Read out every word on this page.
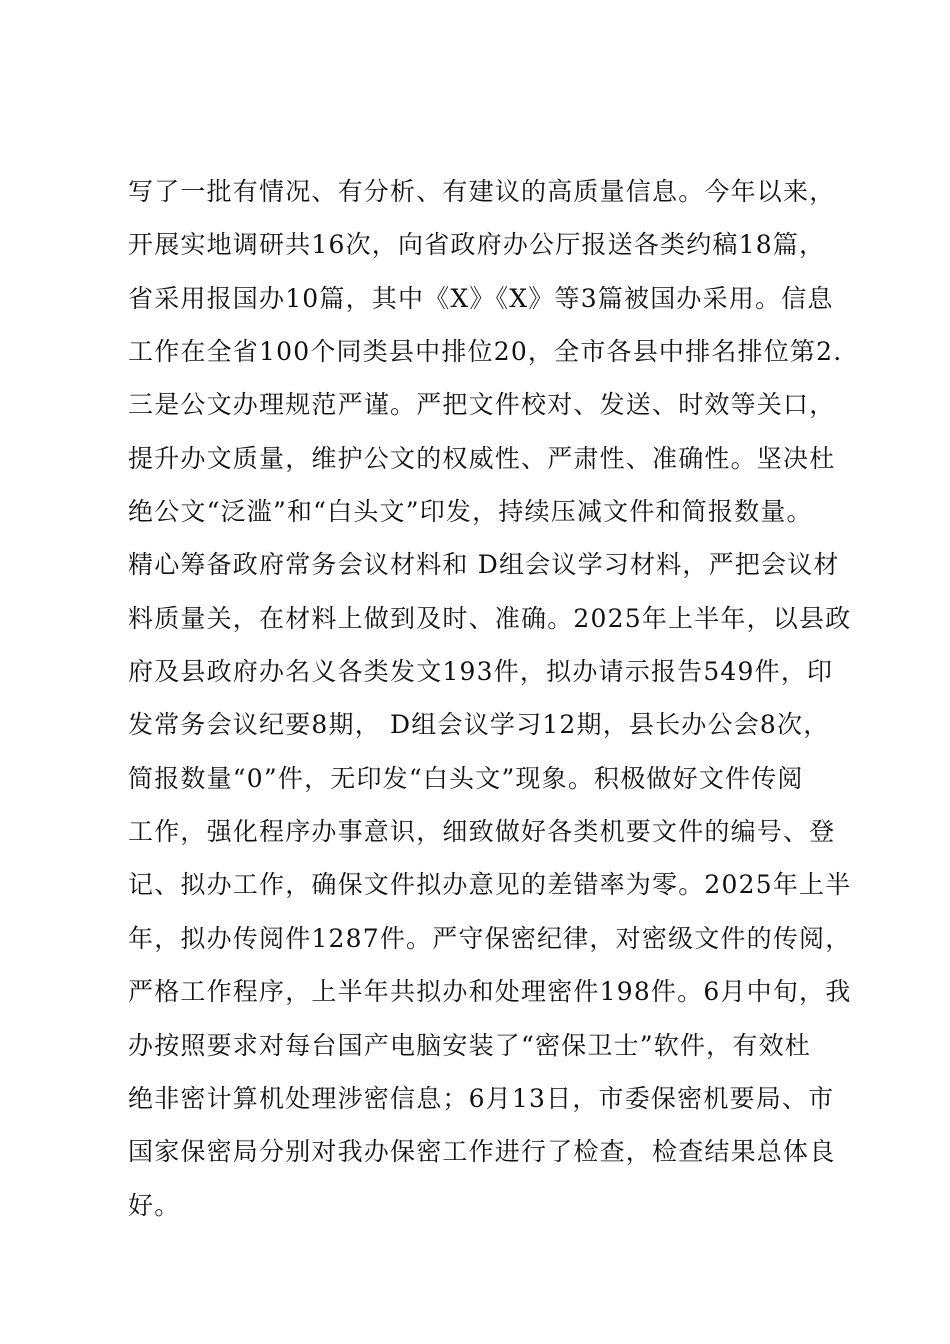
写了一批有情况、有分析、有建议的高质量信息。今年以来，
开展实地调研共16次，向省政府办公厅报送各类约稿18篇，
省采用报国办10篇，其中《X》《X》等3篇被国办采用。信息
工作在全省100个同类县中排位20，全市各县中排名排位第2.
三是公文办理规范严谨。严把文件校对、发送、时效等关口，
提升办文质量，维护公文的权威性、严肃性、准确性。坚决杜
绝公文“泛滥”和“白头文”印发，持续压减文件和简报数量。
精心筹备政府常务会议材料和 D组会议学习材料，严把会议材
料质量关，在材料上做到及时、准确。2025年上半年，以县政
府及县政府办名义各类发文193件，拟办请示报告549件，印
发常务会议纪要8期， D组会议学习12期，县长办公会8次，
简报数量“0”件，无印发“白头文”现象。积极做好文件传阅
工作，强化程序办事意识，细致做好各类机要文件的编号、登
记、拟办工作，确保文件拟办意见的差错率为零。2025年上半
年，拟办传阅件1287件。严守保密纪律，对密级文件的传阅，
严格工作程序，上半年共拟办和处理密件198件。6月中旬，我
办按照要求对每台国产电脑安装了“密保卫士”软件，有效杜
绝非密计算机处理涉密信息；6月13日，市委保密机要局、市
国家保密局分别对我办保密工作进行了检查，检查结果总体良
好。
